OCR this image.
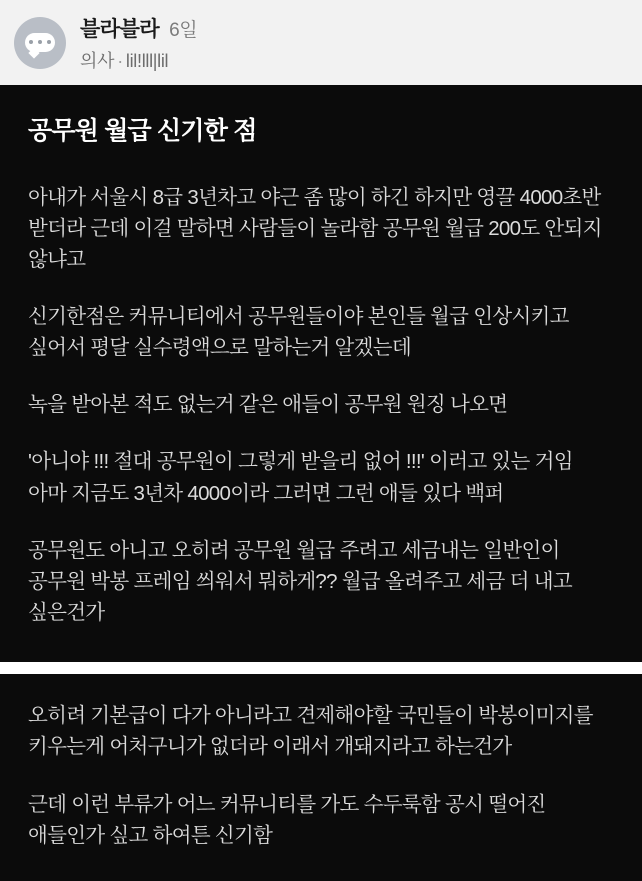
블라블라 6일
의사 · lil!lll|lil
공무원 월급 신기한 점

아내가 서울시 8급 3년차고 야근 좀 많이 하긴 하지만 영끌 4000초반 받더라 근데 이걸 말하면 사람들이 놀라함 공무원 월급 200도 안되지 않냐고

신기한점은 커뮤니티에서 공무원들이야 본인들 월급 인상시키고 싶어서 평달 실수령액으로 말하는거 알겠는데

녹을 받아본 적도 없는거 같은 애들이 공무원 원징 나오면

'아니야 !!! 절대 공무원이 그렇게 받을리 없어 !!!' 이러고 있는 거임 아마 지금도 3년차 4000이라 그러면 그런 애들 있다 백퍼

공무원도 아니고 오히려 공무원 월급 주려고 세금내는 일반인이 공무원 박봉 프레임 씌워서 뭐하게?? 월급 올려주고 세금 더 내고 싶은건가

오히려 기본급이 다가 아니라고 견제해야할 국민들이 박봉이미지를 키우는게 어처구니가 없더라 이래서 개돼지라고 하는건가

근데 이런 부류가 어느 커뮤니티를 가도 수두룩함 공시 떨어진 애들인가 싶고 하여튼 신기함
